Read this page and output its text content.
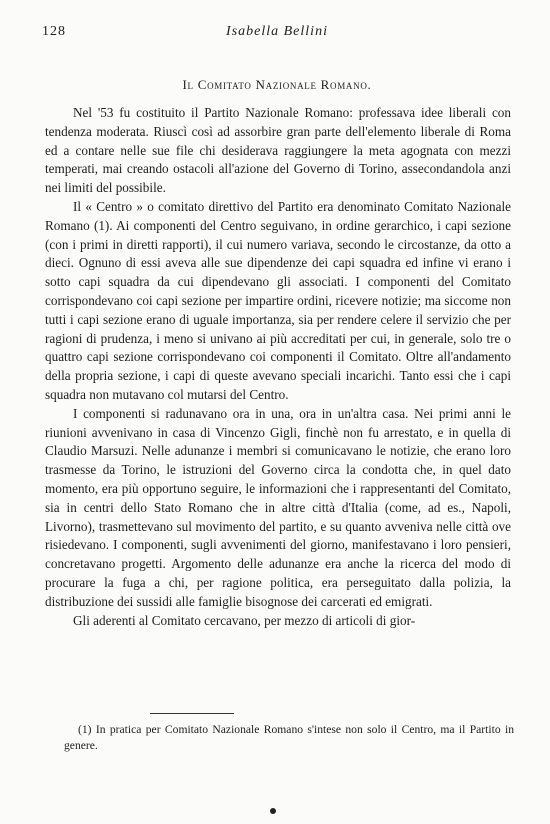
128	Isabella Bellini
Il Comitato Nazionale Romano.

Nel '53 fu costituito il Partito Nazionale Romano: professava idee liberali con tendenza moderata. Riuscì così ad assorbire gran parte dell'elemento liberale di Roma ed a contare nelle sue file chi desiderava raggiungere la meta agognata con mezzi temperati, mai creando ostacoli all'azione del Governo di Torino, assecondandola anzi nei limiti del possibile.

Il « Centro » o comitato direttivo del Partito era denominato Comitato Nazionale Romano (1). Ai componenti del Centro seguivano, in ordine gerarchico, i capi sezione (con i primi in diretti rapporti), il cui numero variava, secondo le circostanze, da otto a dieci. Ognuno di essi aveva alle sue dipendenze dei capi squadra ed infine vi erano i sotto capi squadra da cui dipendevano gli associati. I componenti del Comitato corrispondevano coi capi sezione per impartire ordini, ricevere notizie; ma siccome non tutti i capi sezione erano di uguale importanza, sia per rendere celere il servizio che per ragioni di prudenza, i meno si univano ai più accreditati per cui, in generale, solo tre o quattro capi sezione corrispondevano coi componenti il Comitato. Oltre all'andamento della propria sezione, i capi di queste avevano speciali incarichi. Tanto essi che i capi squadra non mutavano col mutarsi del Centro.

I componenti si radunavano ora in una, ora in un'altra casa. Nei primi anni le riunioni avvenivano in casa di Vincenzo Gigli, finchè non fu arrestato, e in quella di Claudio Marsuzi. Nelle adunanze i membri si comunicavano le notizie, che erano loro trasmesse da Torino, le istruzioni del Governo circa la condotta che, in quel dato momento, era più opportuno seguire, le informazioni che i rappresentanti del Comitato, sia in centri dello Stato Romano che in altre città d'Italia (come, ad es., Napoli, Livorno), trasmettevano sul movimento del partito, e su quanto avveniva nelle città ove risiedevano. I componenti, sugli avvenimenti del giorno, manifestavano i loro pensieri, concretavano progetti. Argomento delle adunanze era anche la ricerca del modo di procurare la fuga a chi, per ragione politica, era perseguitato dalla polizia, la distribuzione dei sussidi alle famiglie bisognose dei carcerati ed emigrati.

Gli aderenti al Comitato cercavano, per mezzo di articoli di gior-

(1) In pratica per Comitato Nazionale Romano s'intese non solo il Centro, ma il Partito in genere.
